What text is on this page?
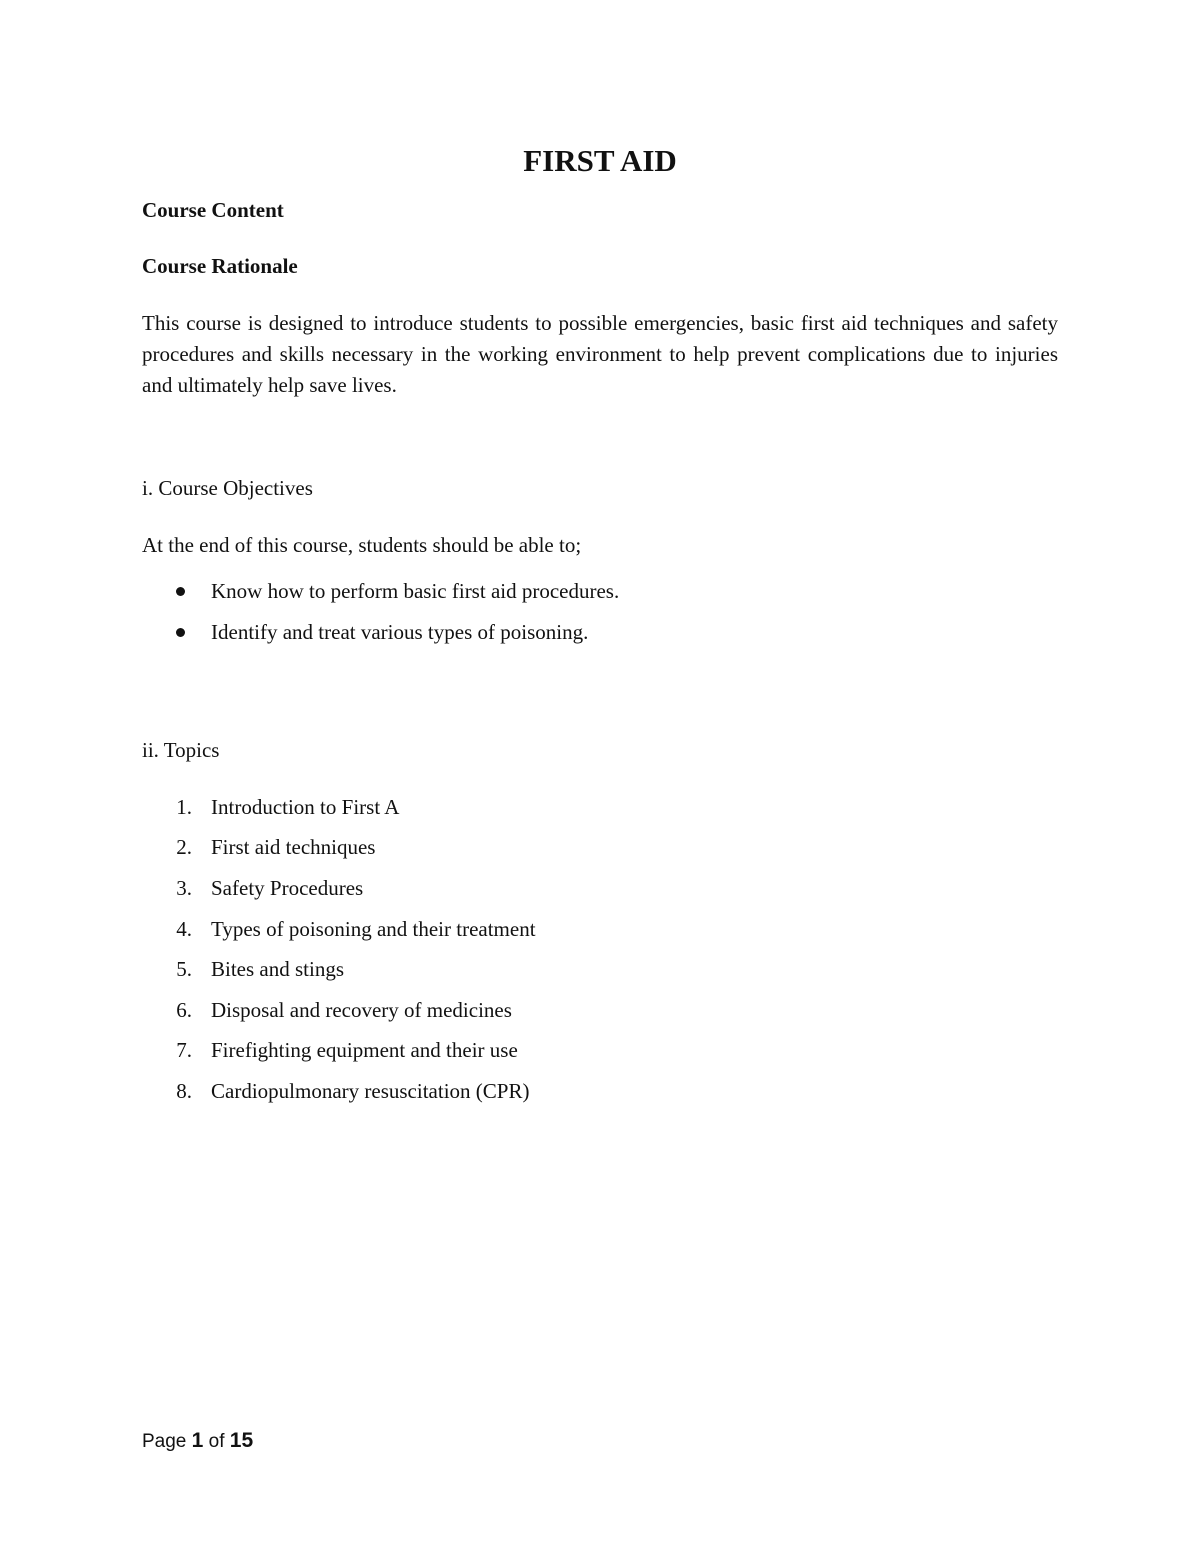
FIRST AID
Course Content
Course Rationale
This course is designed to introduce students to possible emergencies, basic first aid techniques and safety procedures and skills necessary in the working environment to help prevent complications due to injuries and ultimately help save lives.
i. Course Objectives
At the end of this course, students should be able to;
Know how to perform basic first aid procedures.
Identify and treat various types of poisoning.
ii. Topics
1. Introduction to First A
2. First aid techniques
3. Safety Procedures
4. Types of poisoning and their treatment
5. Bites and stings
6. Disposal and recovery of medicines
7. Firefighting equipment and their use
8. Cardiopulmonary resuscitation (CPR)
Page 1 of 15
